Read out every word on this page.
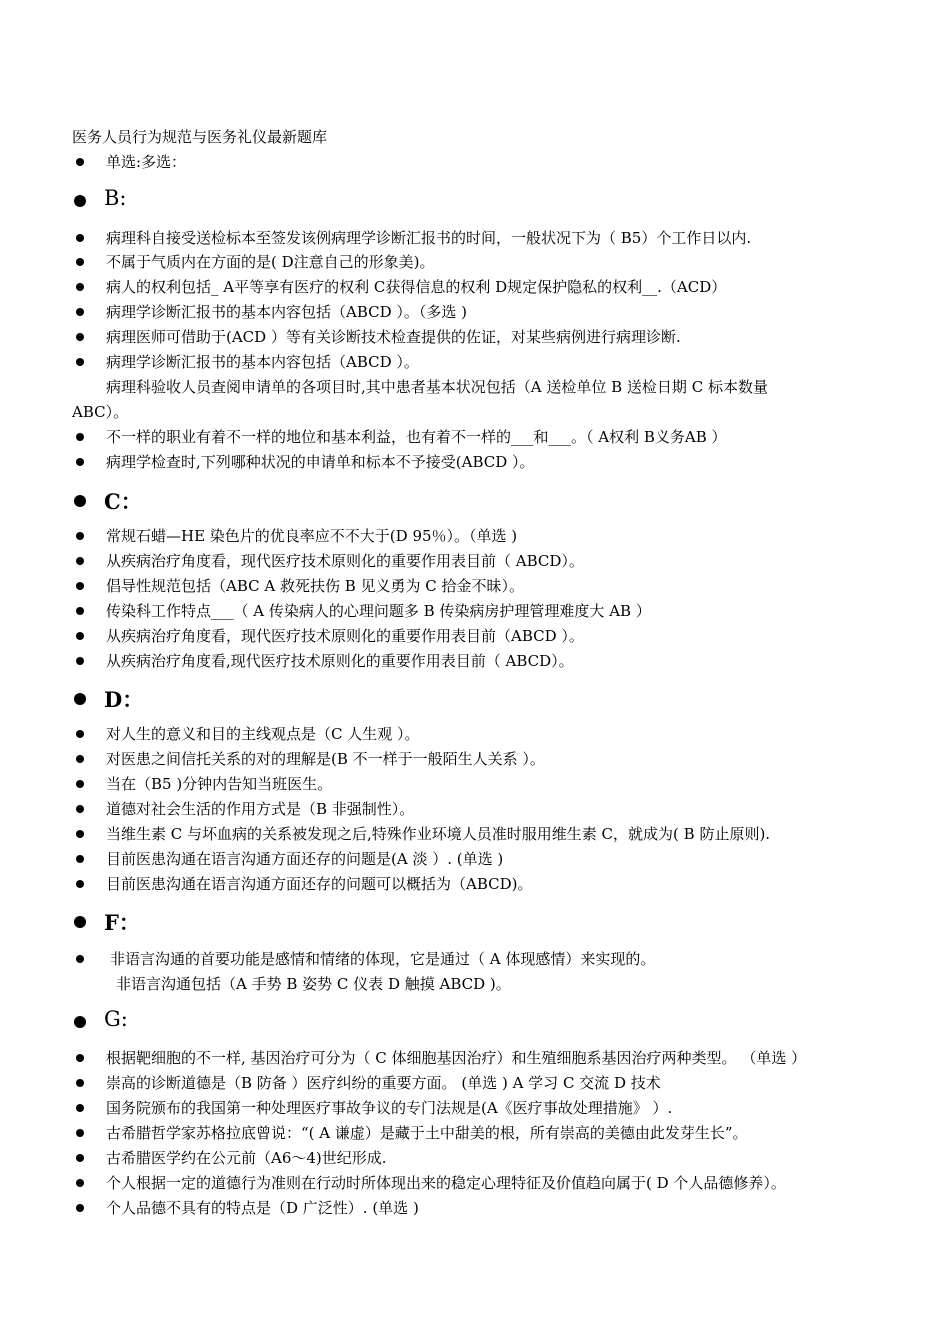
医务人员行为规范与医务礼仪最新题库
单选:多选：
B:
病理科自接受送检标本至签发该例病理学诊断汇报书的时间，一般状况下为（ B5）个工作日以内.
不属于气质内在方面的是( D注意自己的形象美)。
病人的权利包括_ A平等享有医疗的权利 C获得信息的权利 D规定保护隐私的权利__.（ACD）
病理学诊断汇报书的基本内容包括（ABCD ）。（多选 )
病理医师可借助于(ACD ）等有关诊断技术检查提供的佐证，对某些病例进行病理诊断.
病理学诊断汇报书的基本内容包括（ABCD ）。
病理科验收人员查阅申请单的各项目时,其中患者基本状况包括（A 送检单位 B 送检日期 C 标本数量
ABC）。
不一样的职业有着不一样的地位和基本利益，也有着不一样的___和___。（ A权利 B义务AB ）
病理学检查时,下列哪种状况的申请单和标本不予接受(ABCD ）。
C：
常规石蜡—HE 染色片的优良率应不不大于(D 95％）。（单选 )
从疾病治疗角度看，现代医疗技术原则化的重要作用表目前（ ABCD）。
倡导性规范包括（ABC A 救死扶伤 B 见义勇为 C 拾金不昧）。
传染科工作特点___（ A 传染病人的心理问题多 B 传染病房护理管理难度大 AB ）
从疾病治疗角度看，现代医疗技术原则化的重要作用表目前（ABCD ）。
从疾病治疗角度看,现代医疗技术原则化的重要作用表目前（ ABCD）。
D：
对人生的意义和目的主线观点是（C 人生观 ）。
对医患之间信托关系的对的理解是(B 不一样于一般陌生人关系 ）。
当在（B5 )分钟内告知当班医生。
道德对社会生活的作用方式是（B 非强制性）。
当维生素 C 与坏血病的关系被发现之后,特殊作业环境人员准时服用维生素 C，就成为( B 防止原则).
目前医患沟通在语言沟通方面还存的问题是(A 淡 ）. (单选 )
目前医患沟通在语言沟通方面还存的问题可以概括为（ABCD)。
F：
非语言沟通的首要功能是感情和情绪的体现，它是通过（ A 体现感情）来实现的。
非语言沟通包括（A 手势 B 姿势 C 仪表 D 触摸 ABCD )。
G:
根据靶细胞的不一样, 基因治疗可分为（ C 体细胞基因治疗）和生殖细胞系基因治疗两种类型。 （单选 ）
崇高的诊断道德是（B 防备 ）医疗纠纷的重要方面。 (单选 ) A 学习 C 交流 D 技术
国务院颁布的我国第一种处理医疗事故争议的专门法规是(A《医疗事故处理措施》 ）.
古希腊哲学家苏格拉底曾说：“( A 谦虚）是藏于土中甜美的根，所有崇高的美德由此发芽生长”。
古希腊医学约在公元前（A6～4)世纪形成.
个人根据一定的道德行为准则在行动时所体现出来的稳定心理特征及价值趋向属于( D 个人品德修养）。
个人品德不具有的特点是（D 广泛性）. (单选 )
